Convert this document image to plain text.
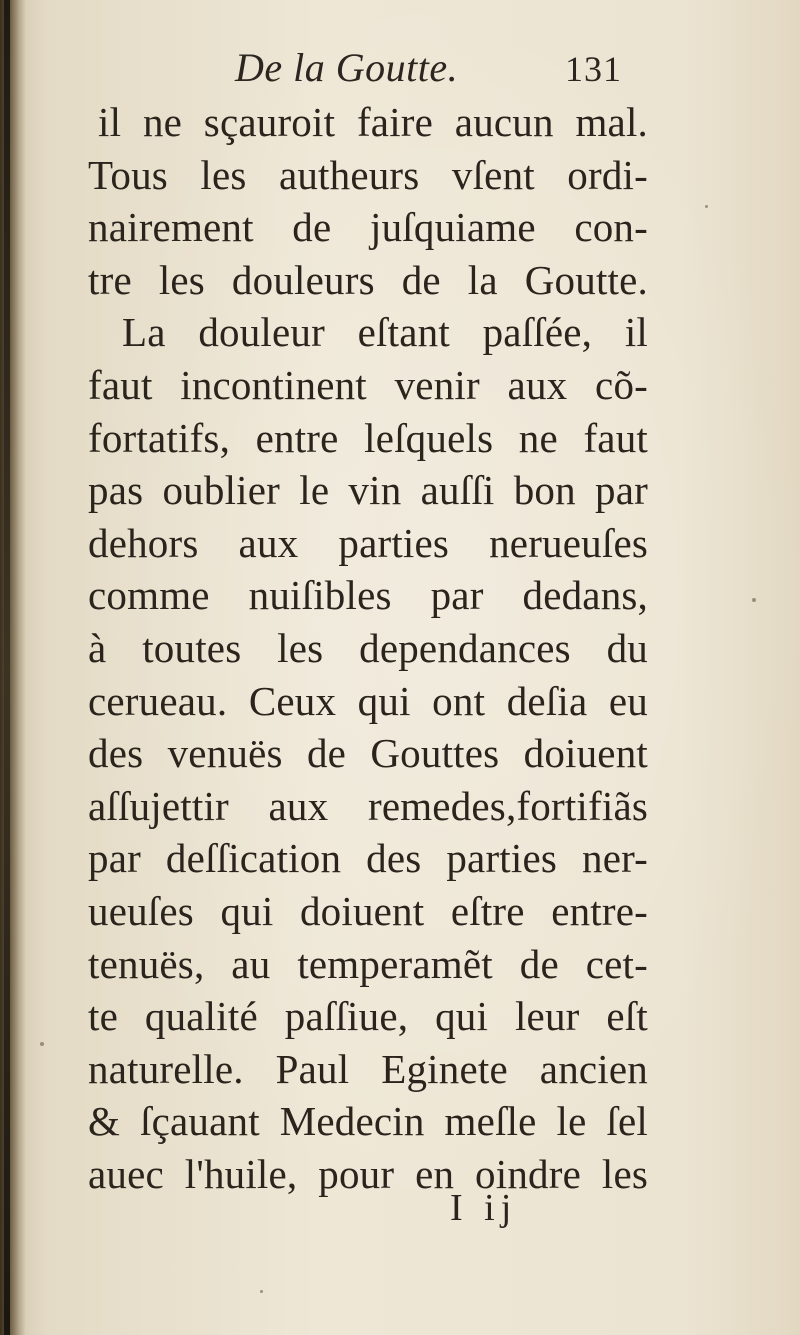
De la Goutte.	131
il ne sçauroit faire aucun mal.
Tous les autheurs vſent ordi-
nairement de juſquiame con-
tre les douleurs de la Goutte.
La douleur eſtant paſſée, il
faut incontinent venir aux cõ-
fortatifs, entre leſquels ne faut
pas oublier le vin auſſi bon par
dehors aux parties nerueuſes
comme nuiſibles par dedans,
à toutes les dependances du
cerueau. Ceux qui ont deſia eu
des venuës de Gouttes doiuent
aſſujettir aux remedes,fortifiãs
par deſſication des parties ner-
ueuſes qui doiuent eſtre entre-
tenuës, au temperamẽt de cet-
te qualité paſſiue, qui leur eſt
naturelle. Paul Eginete ancien
& ſçauant Medecin meſle le ſel
auec l'huile, pour en oindre les
I ij
